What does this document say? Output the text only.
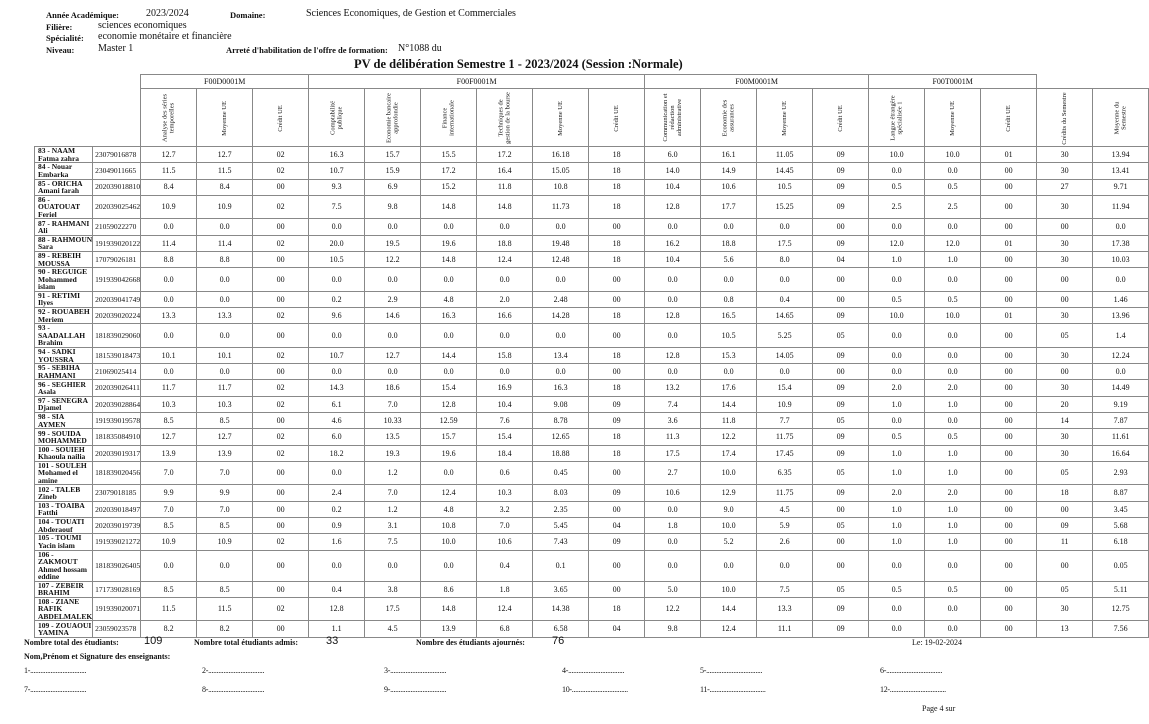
Année Académique:	2023/2024	Domaine:	Sciences Economiques, de Gestion et Commerciales
Filière:	sciences economiques
Spécialité: economie monétaire et financière
Niveau: Master 1	Arreté d'habilitation de l'offre de formation: N°1088 du
PV de délibération Semestre 1 - 2023/2024 (Session :Normale)
		F00D0001M			F00F0001M						F00M0001M				F00T0001M				
		Analyse des séries temporelles	Moyenne UE	Crédit UE	Comptabilité publique	Economie bancaire approfondie	Finance internationale	Techniques de gestion de la bourse	Moyenne UE	Crédit UE	Communication et rédaction administrative	Economie des assurances	Moyenne UE	Crédit UE	Langue étrangère spécialisée 1	Moyenne UE	Crédit UE	Crédits du Semestre	Moyenne du Semestre
83 - NAAM Fatma zahra	23079016878	12.7	12.7	02	16.3	15.7	15.5	17.2	16.18	18	6.0	16.1	11.05	09	10.0	10.0	01	30	13.94
84 - Nouar Embarka	23049011665	11.5	11.5	02	10.7	15.9	17.2	16.4	15.05	18	14.0	14.9	14.45	09	0.0	0.0	00	30	13.41
85 - ORICHA Amani farah	202039018810	8.4	8.4	00	9.3	6.9	15.2	11.8	10.8	18	10.4	10.6	10.5	09	0.5	0.5	00	27	9.71
86 - OUATOUAT Feriel	202039025462	10.9	10.9	02	7.5	9.8	14.8	14.8	11.73	18	12.8	17.7	15.25	09	2.5	2.5	00	30	11.94
87 - RAHMANI Ali	21059022270	0.0	0.0	00	0.0	0.0	0.0	0.0	0.0	00	0.0	0.0	0.0	00	0.0	0.0	00	00	0.0
88 - RAHMOUN Sara	191939020122	11.4	11.4	02	20.0	19.5	19.6	18.8	19.48	18	16.2	18.8	17.5	09	12.0	12.0	01	30	17.38
89 - REBEIH MOUSSA	17079026181	8.8	8.8	00	10.5	12.2	14.8	12.4	12.48	18	10.4	5.6	8.0	04	1.0	1.0	00	30	10.03
90 - REGUIGE Mohammed islam	191939042668	0.0	0.0	00	0.0	0.0	0.0	0.0	0.0	00	0.0	0.0	0.0	00	0.0	0.0	00	00	0.0
91 - RETIMI Ilyes	202039041749	0.0	0.0	00	0.2	2.9	4.8	2.0	2.48	00	0.0	0.8	0.4	00	0.5	0.5	00	00	1.46
92 - ROUABEH Meriem	202039020224	13.3	13.3	02	9.6	14.6	16.3	16.6	14.28	18	12.8	16.5	14.65	09	10.0	10.0	01	30	13.96
93 - SAADALLAH Brahim	181839029060	0.0	0.0	00	0.0	0.0	0.0	0.0	0.0	00	0.0	10.5	5.25	05	0.0	0.0	00	05	1.4
94 - SADKI YOUSSRA	181539018473	10.1	10.1	02	10.7	12.7	14.4	15.8	13.4	18	12.8	15.3	14.05	09	0.0	0.0	00	30	12.24
95 - SEBIHA RAHMANI	21069025414	0.0	0.0	00	0.0	0.0	0.0	0.0	0.0	00	0.0	0.0	0.0	00	0.0	0.0	00	00	0.0
96 - SEGHIER Asala	202039026411	11.7	11.7	02	14.3	18.6	15.4	16.9	16.3	18	13.2	17.6	15.4	09	2.0	2.0	00	30	14.49
97 - SENEGRA Djamel	202039028864	10.3	10.3	02	6.1	7.0	12.8	10.4	9.08	09	7.4	14.4	10.9	09	1.0	1.0	00	20	9.19
98 - SIA AYMEN	191939019578	8.5	8.5	00	4.6	10.33	12.59	7.6	8.78	09	3.6	11.8	7.7	05	0.0	0.0	00	14	7.87
99 - SOUIDA MOHAMMED	181835084910	12.7	12.7	02	6.0	13.5	15.7	15.4	12.65	18	11.3	12.2	11.75	09	0.5	0.5	00	30	11.61
100 - SOUIEH Khaoula nailia	202039019317	13.9	13.9	02	18.2	19.3	19.6	18.4	18.88	18	17.5	17.4	17.45	09	1.0	1.0	00	30	16.64
101 - SOULEH Mohamed el amine	181839020456	7.0	7.0	00	0.0	1.2	0.0	0.6	0.45	00	2.7	10.0	6.35	05	1.0	1.0	00	05	2.93
102 - TALEB Zineb	23079018185	9.9	9.9	00	2.4	7.0	12.4	10.3	8.03	09	10.6	12.9	11.75	09	2.0	2.0	00	18	8.87
103 - TOAIBA Fatthi	202039018497	7.0	7.0	00	0.2	1.2	4.8	3.2	2.35	00	0.0	9.0	4.5	00	1.0	1.0	00	00	3.45
104 - TOUATI Abderaouf	202039019739	8.5	8.5	00	0.9	3.1	10.8	7.0	5.45	04	1.8	10.0	5.9	05	1.0	1.0	00	09	5.68
105 - TOUMI Yacin islam	191939021272	10.9	10.9	02	1.6	7.5	10.0	10.6	7.43	09	0.0	5.2	2.6	00	1.0	1.0	00	11	6.18
106 - ZAKMOUT Ahmed hossam eddine	181839026405	0.0	0.0	00	0.0	0.0	0.0	0.4	0.1	00	0.0	0.0	0.0	00	0.0	0.0	00	00	0.05
107 - ZEBEIR BRAHIM	171739028169	8.5	8.5	00	0.4	3.8	8.6	1.8	3.65	00	5.0	10.0	7.5	05	0.5	0.5	00	05	5.11
108 - ZIANE RAFIK ABDELMALEK	191939020071	11.5	11.5	02	12.8	17.5	14.8	12.4	14.38	18	12.2	14.4	13.3	09	0.0	0.0	00	30	12.75
109 - ZOUAOUI YAMINA	23059023578	8.2	8.2	00	1.1	4.5	13.9	6.8	6.58	04	9.8	12.4	11.1	09	0.0	0.0	00	13	7.56
Nombre total des étudiants: 109	Nombre total étudiants admis:	33	Nombre des étudiants ajournés: 76	Le: 19-02-2024
Nom,Prénom et Signature des enseignants:
1-.................................	2-.................................	3-.................................	4-.................................	5-.................................	6-.................................
7-.................................	8-.................................	9-.................................	10-.................................	11-.................................	12-.................................
Page 4 sur
